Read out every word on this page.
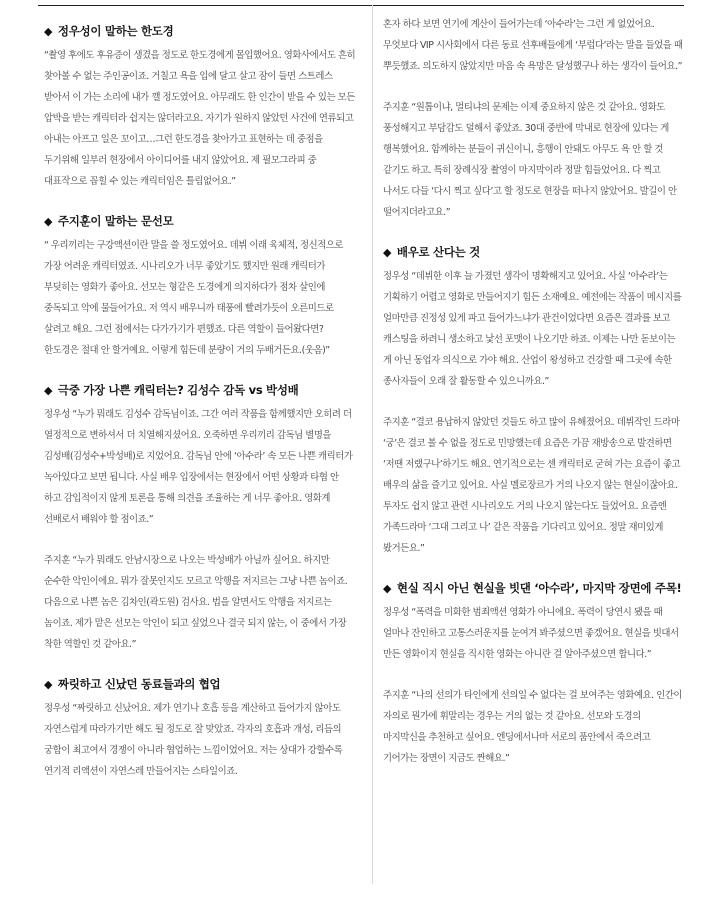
◆ 정우성이 말하는 한도경

“촬영 후에도 후유증이 생겼을 정도로 한도경에게 몰입했어요. 영화사에서도 흔히 찾아볼 수 없는 주인공이죠. 거칠고 욕을 입에 달고 살고 잠이 들면 스트레스 받아서 이 가는 소리에 내가 깰 정도였어요. 아무래도 한 인간이 받을 수 있는 모든 압박을 받는 캐릭터라 쉽지는 않더라고요. 자기가 원하지 않았던 사건에 연류되고 아내는 아프고 일은 꼬이고…그런 한도경을 찾아가고 표현하는 데 중점을 두기위해 일부러 현장에서 아이디어를 내지 않았어요. 제 필모그라피 중 대표작으로 꼽힐 수 있는 캐릭터임은 틀림없어요.”

◆ 주지훈이 말하는 문선모

“ 우리끼리는 구강액션이란 말을 쓸 정도였어요. 데뷔 이래 육체적, 정신적으로 가장 어려운 캐릭터였죠. 시나리오가 너무 좋았기도 했지만 원래 캐릭터가 부딪히는 영화가 좋아요. 선모는 형같은 도경에게 의지하다가 점차 살인에 중독되고 악에 물들어가요. 저 역시 배우니까 태풍에 빨려가듯이 오른미드로 살려고 해요. 그런 점에서는 다가가기가 편했죠. 다른 역할이 들어왔다면? 한도경은 절대 안 할거예요. 이렇게 힘든데 분량이 거의 두배거든요.(웃음)”

◆ 극중 가장 나쁜 캐릭터는? 김성수 감독 vs 박성배

정우성 “누가 뭐래도 김성수 감독님이죠. 그간 여러 작품을 함께했지만 오히려 더 열정적으로 변하셔서 더 치열해지셨어요. 오죽하면 우리끼리 감독님 별명을 김성배(김성수+박성배)로 지었어요. 감독님 안에 ‘아수라’ 속 모든 나쁜 캐릭터가 녹아있다고 보면 됩니다. 사실 배우 입장에서는 현장에서 어떤 상황과 타협 안 하고 감입적이지 않게 토론을 통해 의견을 조율하는 게 너무 좋아요. 영화계 선배로서 배워야 할 점이죠.”

주지훈 “누가 뭐래도 안남시장으로 나오는 박성배가 아닐까 싶어요. 하지만 순수한 악인이에요. 뭐가 잘못인지도 모르고 악행을 저지르는 그냥 나쁜 놈이죠. 다음으로 나쁜 놈은 김차인(곽도원) 검사요. 법을 알면서도 악행을 저지르는 놈이죠. 제가 맡은 선모는 악인이 되고 싶었으나 결국 되지 않는, 이 중에서 가장 착한 역할인 것 같아요.”

◆ 짜릿하고 신났던 동료들과의 협업

정우성 “짜릿하고 신났어요. 제가 연기나 호흡 등을 계산하고 들어가지 않아도 자연스럽게 따라가기만 해도 될 정도로 잘 맞았죠. 각자의 호흡과 개성, 리듬의 궁합이 최고여서 경쟁이 아니라 협업하는 느낌이었어요. 저는 상대가 강할수록 연기적 리액션이 자연스레 만들어지는 스타일이죠.

혼자 하다 보면 연기에 계산이 들어가는데 ‘아수라’는 그런 게 없었어요. 무엇보다 VIP 시사회에서 다른 동료 선후배들에게 ‘부럽다’라는 말을 들었을 때 뿌듯했죠. 의도하지 않았지만 마음 속 욕망은 달성했구나 하는 생각이 들어요.”

주지훈 “원톱이냐, 멀티냐의 문제는 이제 중요하지 않은 것 같아요. 영화도 풍성해지고 부담감도 덜해서 좋았죠. 30대 중반에 막내로 현장에 있다는 게 행복했어요. 함께하는 분들이 귀신이니, 흥행이 안돼도 아무도 욕 안 할 것 같기도 하고. 특히 장례식장 촬영이 마지막이라 정말 힘들었어요. 다 찍고 나서도 다들 ‘다시 찍고 싶다’고 할 정도로 현장을 떠나지 않았어요. 발길이 안 떨어지더라고요.”

◆ 배우로 산다는 것

정우성 “데뷔한 이후 늘 가졌던 생각이 명확해지고 있어요. 사실 ‘아수라’는 기획하기 어렵고 영화로 만들어지기 힘든 소재예요. 예전에는 작품이 메시지를 얼마만큼 진정성 있게 파고 들어가느냐가 관건이었다면 요즘은 결과를 보고 캐스팅을 하려니 생소하고 낯선 포맷이 나오기만 하죠. 이제는 나만 돋보이는 게 아닌 동업자 의식으로 가야 해요. 산업이 왕성하고 건강할 때 그곳에 속한 종사자들이 오래 잘 활동할 수 있으니까요.”

주지훈 “결코 용납하지 않았던 것들도 하고 많이 유해졌어요. 데뷔작인 드라마 ‘궁’은 결코 볼 수 없을 정도로 민망했는데 요즘은 가끔 재방송으로 발견하면 ‘저땐 저랬구나’하기도 해요. 연기적으로는 센 캐릭터로 굳혀 가는 요즘이 좋고 배우의 삶을 즐기고 있어요. 사실 멜로장르가 거의 나오지 않는 현실이잖아요. 투자도 쉽지 않고 관련 시나리오도 거의 나오지 않는다도 들었어요. 요즘엔 가족드라마 ‘그대 그리고 나’ 같은 작품을 기다리고 있어요. 정말 재미있게 봤거든요.”

◆ 현실 직시 아닌 현실을 빗댄 ‘아수라’, 마지막 장면에 주목!

정우성 “폭력을 미화한 범죄액션 영화가 아니에요. 폭력이 당연시 됐을 때 얼마나 잔인하고 고통스러운지를 눈여겨 봐주셨으면 좋겠어요. 현실을 빗대서 만든 영화이지 현실을 직시한 영화는 아니란 걸 알아주셨으면 합니다.”

주지훈 “나의 선의가 타인에게 선의일 수 없다는 걸 보여주는 영화예요. 인간이 자의로 뭔가에 휘말리는 경우는 거의 없는 것 같아요. 선모와 도경의 마지막신을 추천하고 싶어요. 엔딩에서나마 서로의 품안에서 죽으려고 기어가는 장면이 지금도 짠해요.”
